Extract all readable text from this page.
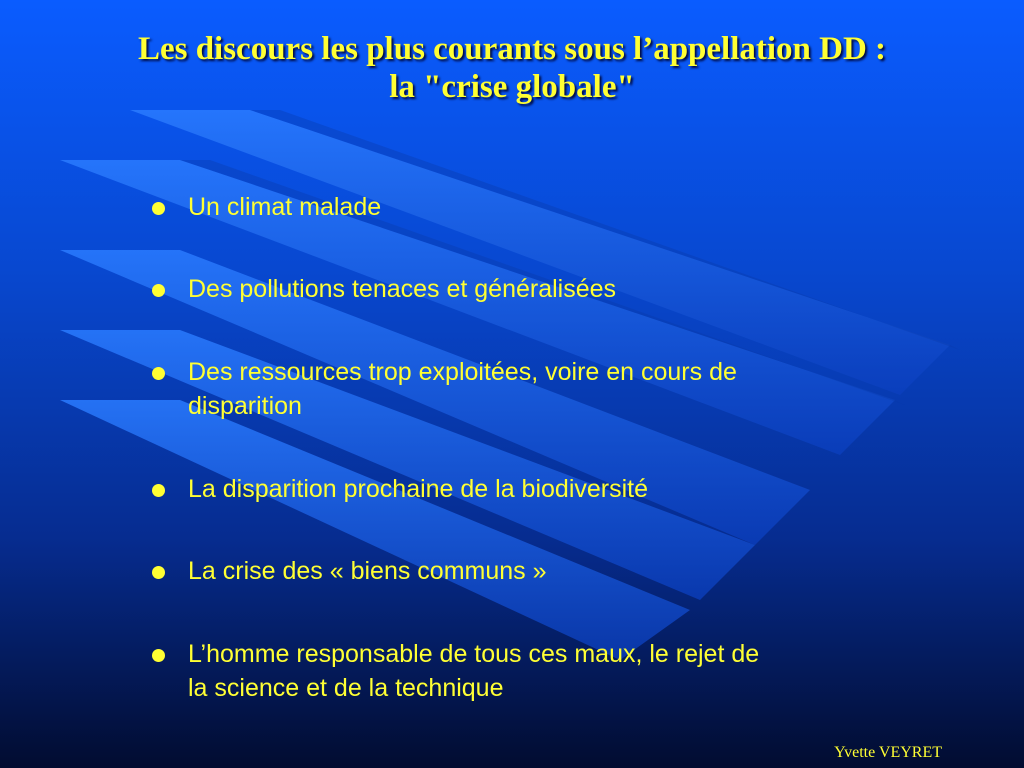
Les discours les plus courants sous l’appellation DD :
la "crise globale"
Un climat malade
Des pollutions tenaces et généralisées
Des ressources trop exploitées, voire en cours de
disparition
La disparition prochaine de la biodiversité
La crise des « biens communs »
L’homme responsable de tous ces maux, le rejet de
la science et de la technique
Yvette VEYRET
